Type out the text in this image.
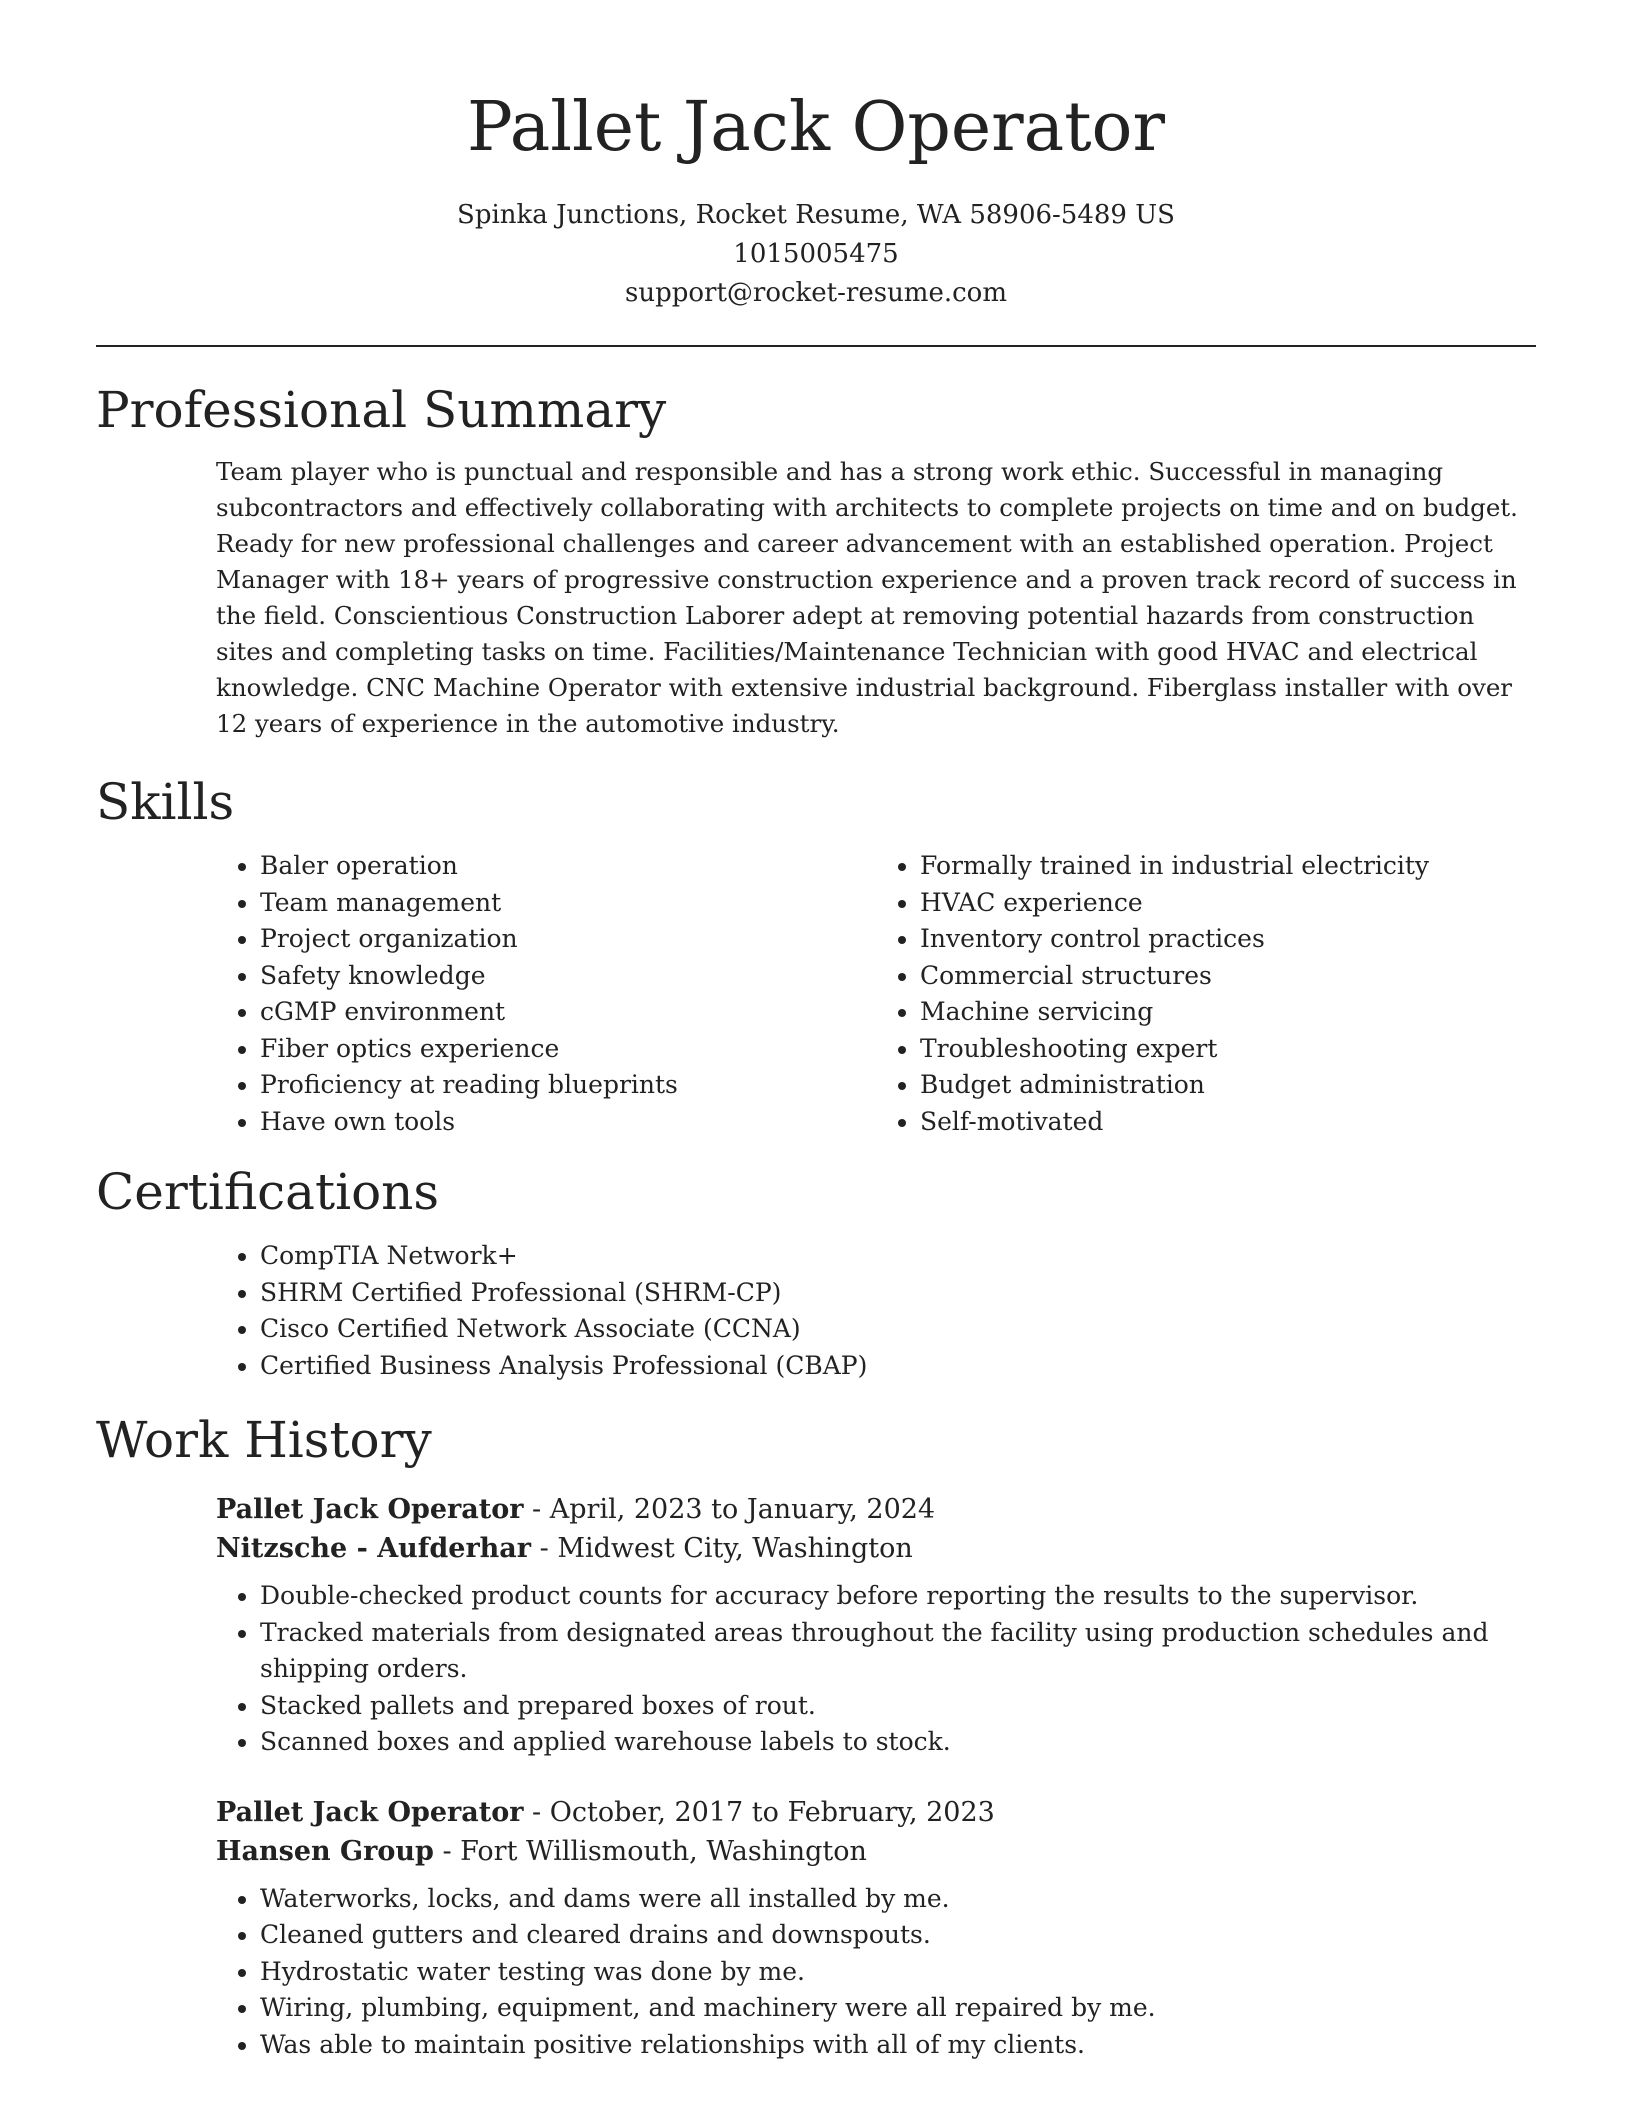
Pallet Jack Operator
Spinka Junctions, Rocket Resume, WA 58906-5489 US
1015005475
support@rocket-resume.com
Professional Summary

Team player who is punctual and responsible and has a strong work ethic. Successful in managing subcontractors and effectively collaborating with architects to complete projects on time and on budget. Ready for new professional challenges and career advancement with an established operation. Project Manager with 18+ years of progressive construction experience and a proven track record of success in the field. Conscientious Construction Laborer adept at removing potential hazards from construction sites and completing tasks on time. Facilities/Maintenance Technician with good HVAC and electrical knowledge. CNC Machine Operator with extensive industrial background. Fiberglass installer with over 12 years of experience in the automotive industry.

Skills
• Baler operation
• Team management
• Project organization
• Safety knowledge
• cGMP environment
• Fiber optics experience
• Proficiency at reading blueprints
• Have own tools
• Formally trained in industrial electricity
• HVAC experience
• Inventory control practices
• Commercial structures
• Machine servicing
• Troubleshooting expert
• Budget administration
• Self-motivated
Certifications
• CompTIA Network+
• SHRM Certified Professional (SHRM-CP)
• Cisco Certified Network Associate (CCNA)
• Certified Business Analysis Professional (CBAP)
Work History
Pallet Jack Operator - April, 2023 to January, 2024
Nitzsche - Aufderhar - Midwest City, Washington
• Double-checked product counts for accuracy before reporting the results to the supervisor.
• Tracked materials from designated areas throughout the facility using production schedules and shipping orders.
• Stacked pallets and prepared boxes of rout.
• Scanned boxes and applied warehouse labels to stock.
Pallet Jack Operator - October, 2017 to February, 2023
Hansen Group - Fort Willismouth, Washington
• Waterworks, locks, and dams were all installed by me.
• Cleaned gutters and cleared drains and downspouts.
• Hydrostatic water testing was done by me.
• Wiring, plumbing, equipment, and machinery were all repaired by me.
• Was able to maintain positive relationships with all of my clients.
